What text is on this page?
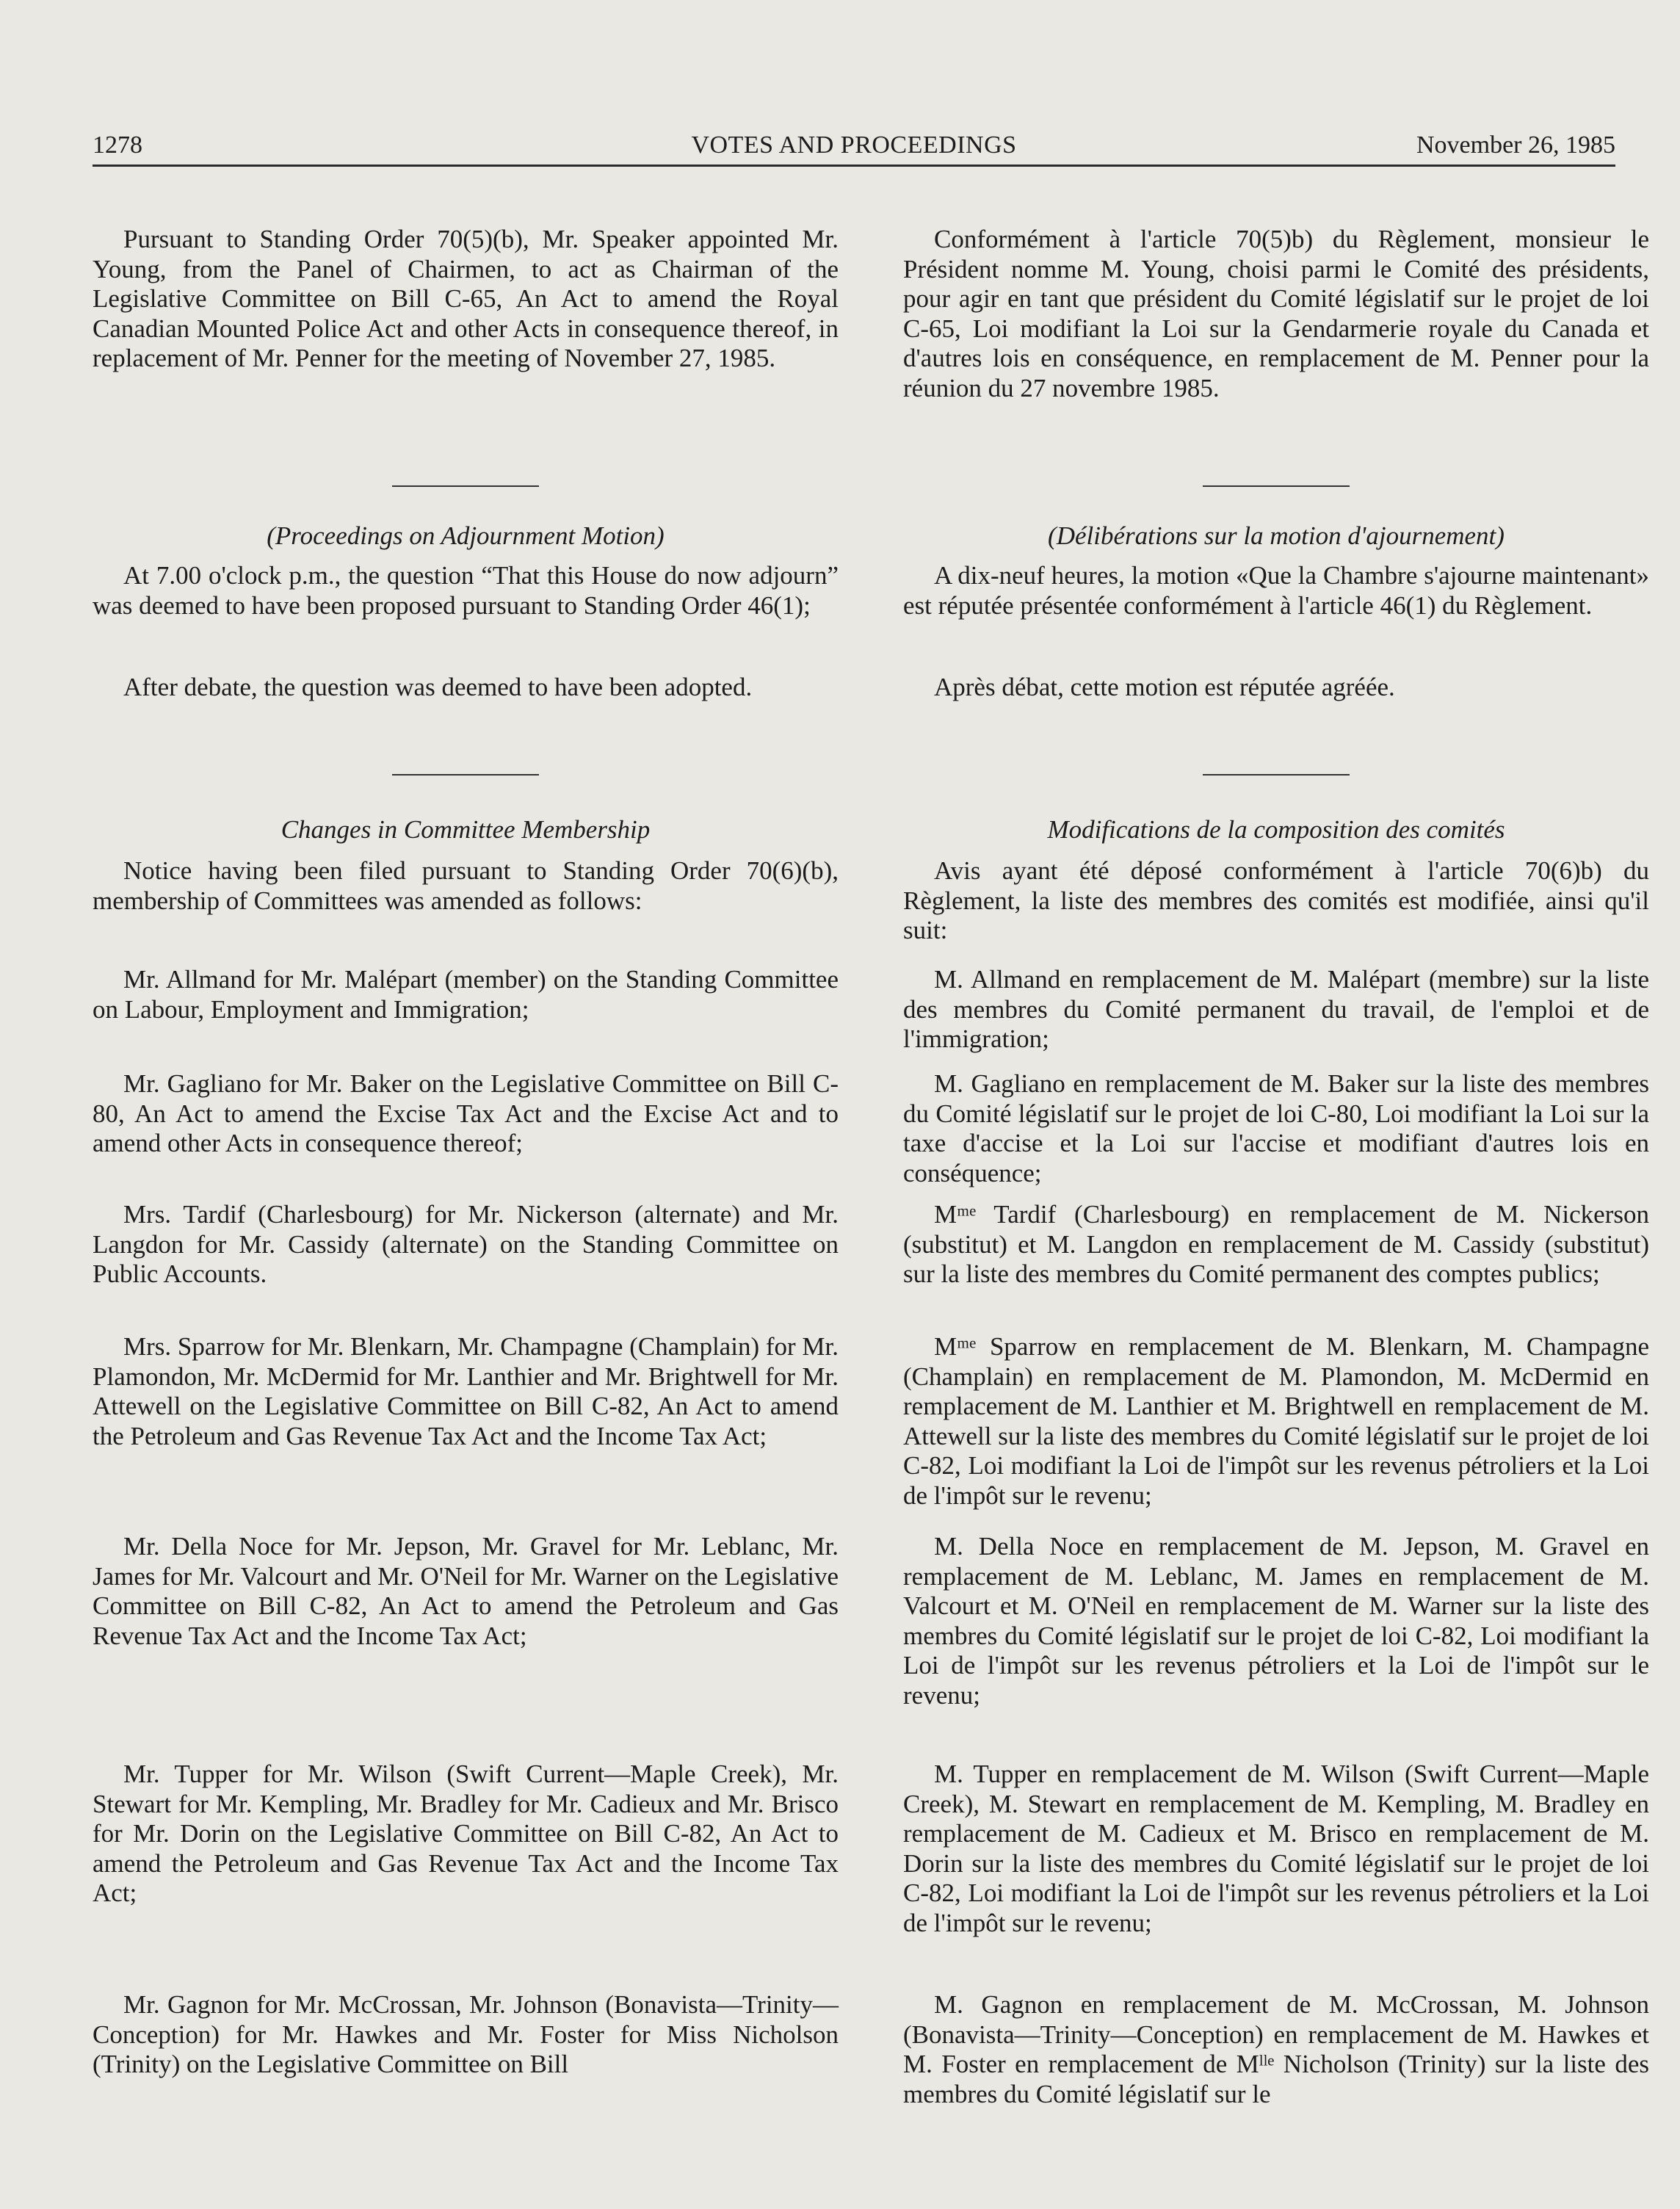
1278	VOTES AND PROCEEDINGS	November 26, 1985

Pursuant to Standing Order 70(5)(b), Mr. Speaker appointed Mr. Young, from the Panel of Chairmen, to act as Chairman of the Legislative Committee on Bill C-65, An Act to amend the Royal Canadian Mounted Police Act and other Acts in consequence thereof, in replacement of Mr. Penner for the meeting of November 27, 1985.

(Proceedings on Adjournment Motion)

At 7.00 o'clock p.m., the question “That this House do now adjourn” was deemed to have been proposed pursuant to Standing Order 46(1);

After debate, the question was deemed to have been adopted.

Changes in Committee Membership

Notice having been filed pursuant to Standing Order 70(6)(b), membership of Committees was amended as follows:

Mr. Allmand for Mr. Malépart (member) on the Standing Committee on Labour, Employment and Immigration;

Mr. Gagliano for Mr. Baker on the Legislative Committee on Bill C-80, An Act to amend the Excise Tax Act and the Excise Act and to amend other Acts in consequence thereof;

Mrs. Tardif (Charlesbourg) for Mr. Nickerson (alternate) and Mr. Langdon for Mr. Cassidy (alternate) on the Standing Committee on Public Accounts.

Mrs. Sparrow for Mr. Blenkarn, Mr. Champagne (Champlain) for Mr. Plamondon, Mr. McDermid for Mr. Lanthier and Mr. Brightwell for Mr. Attewell on the Legislative Committee on Bill C-82, An Act to amend the Petroleum and Gas Revenue Tax Act and the Income Tax Act;

Mr. Della Noce for Mr. Jepson, Mr. Gravel for Mr. Leblanc, Mr. James for Mr. Valcourt and Mr. O'Neil for Mr. Warner on the Legislative Committee on Bill C-82, An Act to amend the Petroleum and Gas Revenue Tax Act and the Income Tax Act;

Mr. Tupper for Mr. Wilson (Swift Current—Maple Creek), Mr. Stewart for Mr. Kempling, Mr. Bradley for Mr. Cadieux and Mr. Brisco for Mr. Dorin on the Legislative Committee on Bill C-82, An Act to amend the Petroleum and Gas Revenue Tax Act and the Income Tax Act;

Mr. Gagnon for Mr. McCrossan, Mr. Johnson (Bonavista—Trinity—Conception) for Mr. Hawkes and Mr. Foster for Miss Nicholson (Trinity) on the Legislative Committee on Bill

Conformément à l'article 70(5)b) du Règlement, monsieur le Président nomme M. Young, choisi parmi le Comité des présidents, pour agir en tant que président du Comité législatif sur le projet de loi C-65, Loi modifiant la Loi sur la Gendarmerie royale du Canada et d'autres lois en conséquence, en remplacement de M. Penner pour la réunion du 27 novembre 1985.

(Délibérations sur la motion d'ajournement)

A dix-neuf heures, la motion «Que la Chambre s'ajourne maintenant» est réputée présentée conformément à l'article 46(1) du Règlement.

Après débat, cette motion est réputée agréée.

Modifications de la composition des comités

Avis ayant été déposé conformément à l'article 70(6)b) du Règlement, la liste des membres des comités est modifiée, ainsi qu'il suit:

M. Allmand en remplacement de M. Malépart (membre) sur la liste des membres du Comité permanent du travail, de l'emploi et de l'immigration;

M. Gagliano en remplacement de M. Baker sur la liste des membres du Comité législatif sur le projet de loi C-80, Loi modifiant la Loi sur la taxe d'accise et la Loi sur l'accise et modifiant d'autres lois en conséquence;

Mᵐᵉ Tardif (Charlesbourg) en remplacement de M. Nickerson (substitut) et M. Langdon en remplacement de M. Cassidy (substitut) sur la liste des membres du Comité permanent des comptes publics;

Mᵐᵉ Sparrow en remplacement de M. Blenkarn, M. Champagne (Champlain) en remplacement de M. Plamondon, M. McDermid en remplacement de M. Lanthier et M. Brightwell en remplacement de M. Attewell sur la liste des membres du Comité législatif sur le projet de loi C-82, Loi modifiant la Loi de l'impôt sur les revenus pétroliers et la Loi de l'impôt sur le revenu;

M. Della Noce en remplacement de M. Jepson, M. Gravel en remplacement de M. Leblanc, M. James en remplacement de M. Valcourt et M. O'Neil en remplacement de M. Warner sur la liste des membres du Comité législatif sur le projet de loi C-82, Loi modifiant la Loi de l'impôt sur les revenus pétroliers et la Loi de l'impôt sur le revenu;

M. Tupper en remplacement de M. Wilson (Swift Current—Maple Creek), M. Stewart en remplacement de M. Kempling, M. Bradley en remplacement de M. Cadieux et M. Brisco en remplacement de M. Dorin sur la liste des membres du Comité législatif sur le projet de loi C-82, Loi modifiant la Loi de l'impôt sur les revenus pétroliers et la Loi de l'impôt sur le revenu;

M. Gagnon en remplacement de M. McCrossan, M. Johnson (Bonavista—Trinity—Conception) en remplacement de M. Hawkes et M. Foster en remplacement de Mˡˡᵉ Nicholson (Trinity) sur la liste des membres du Comité législatif sur le
